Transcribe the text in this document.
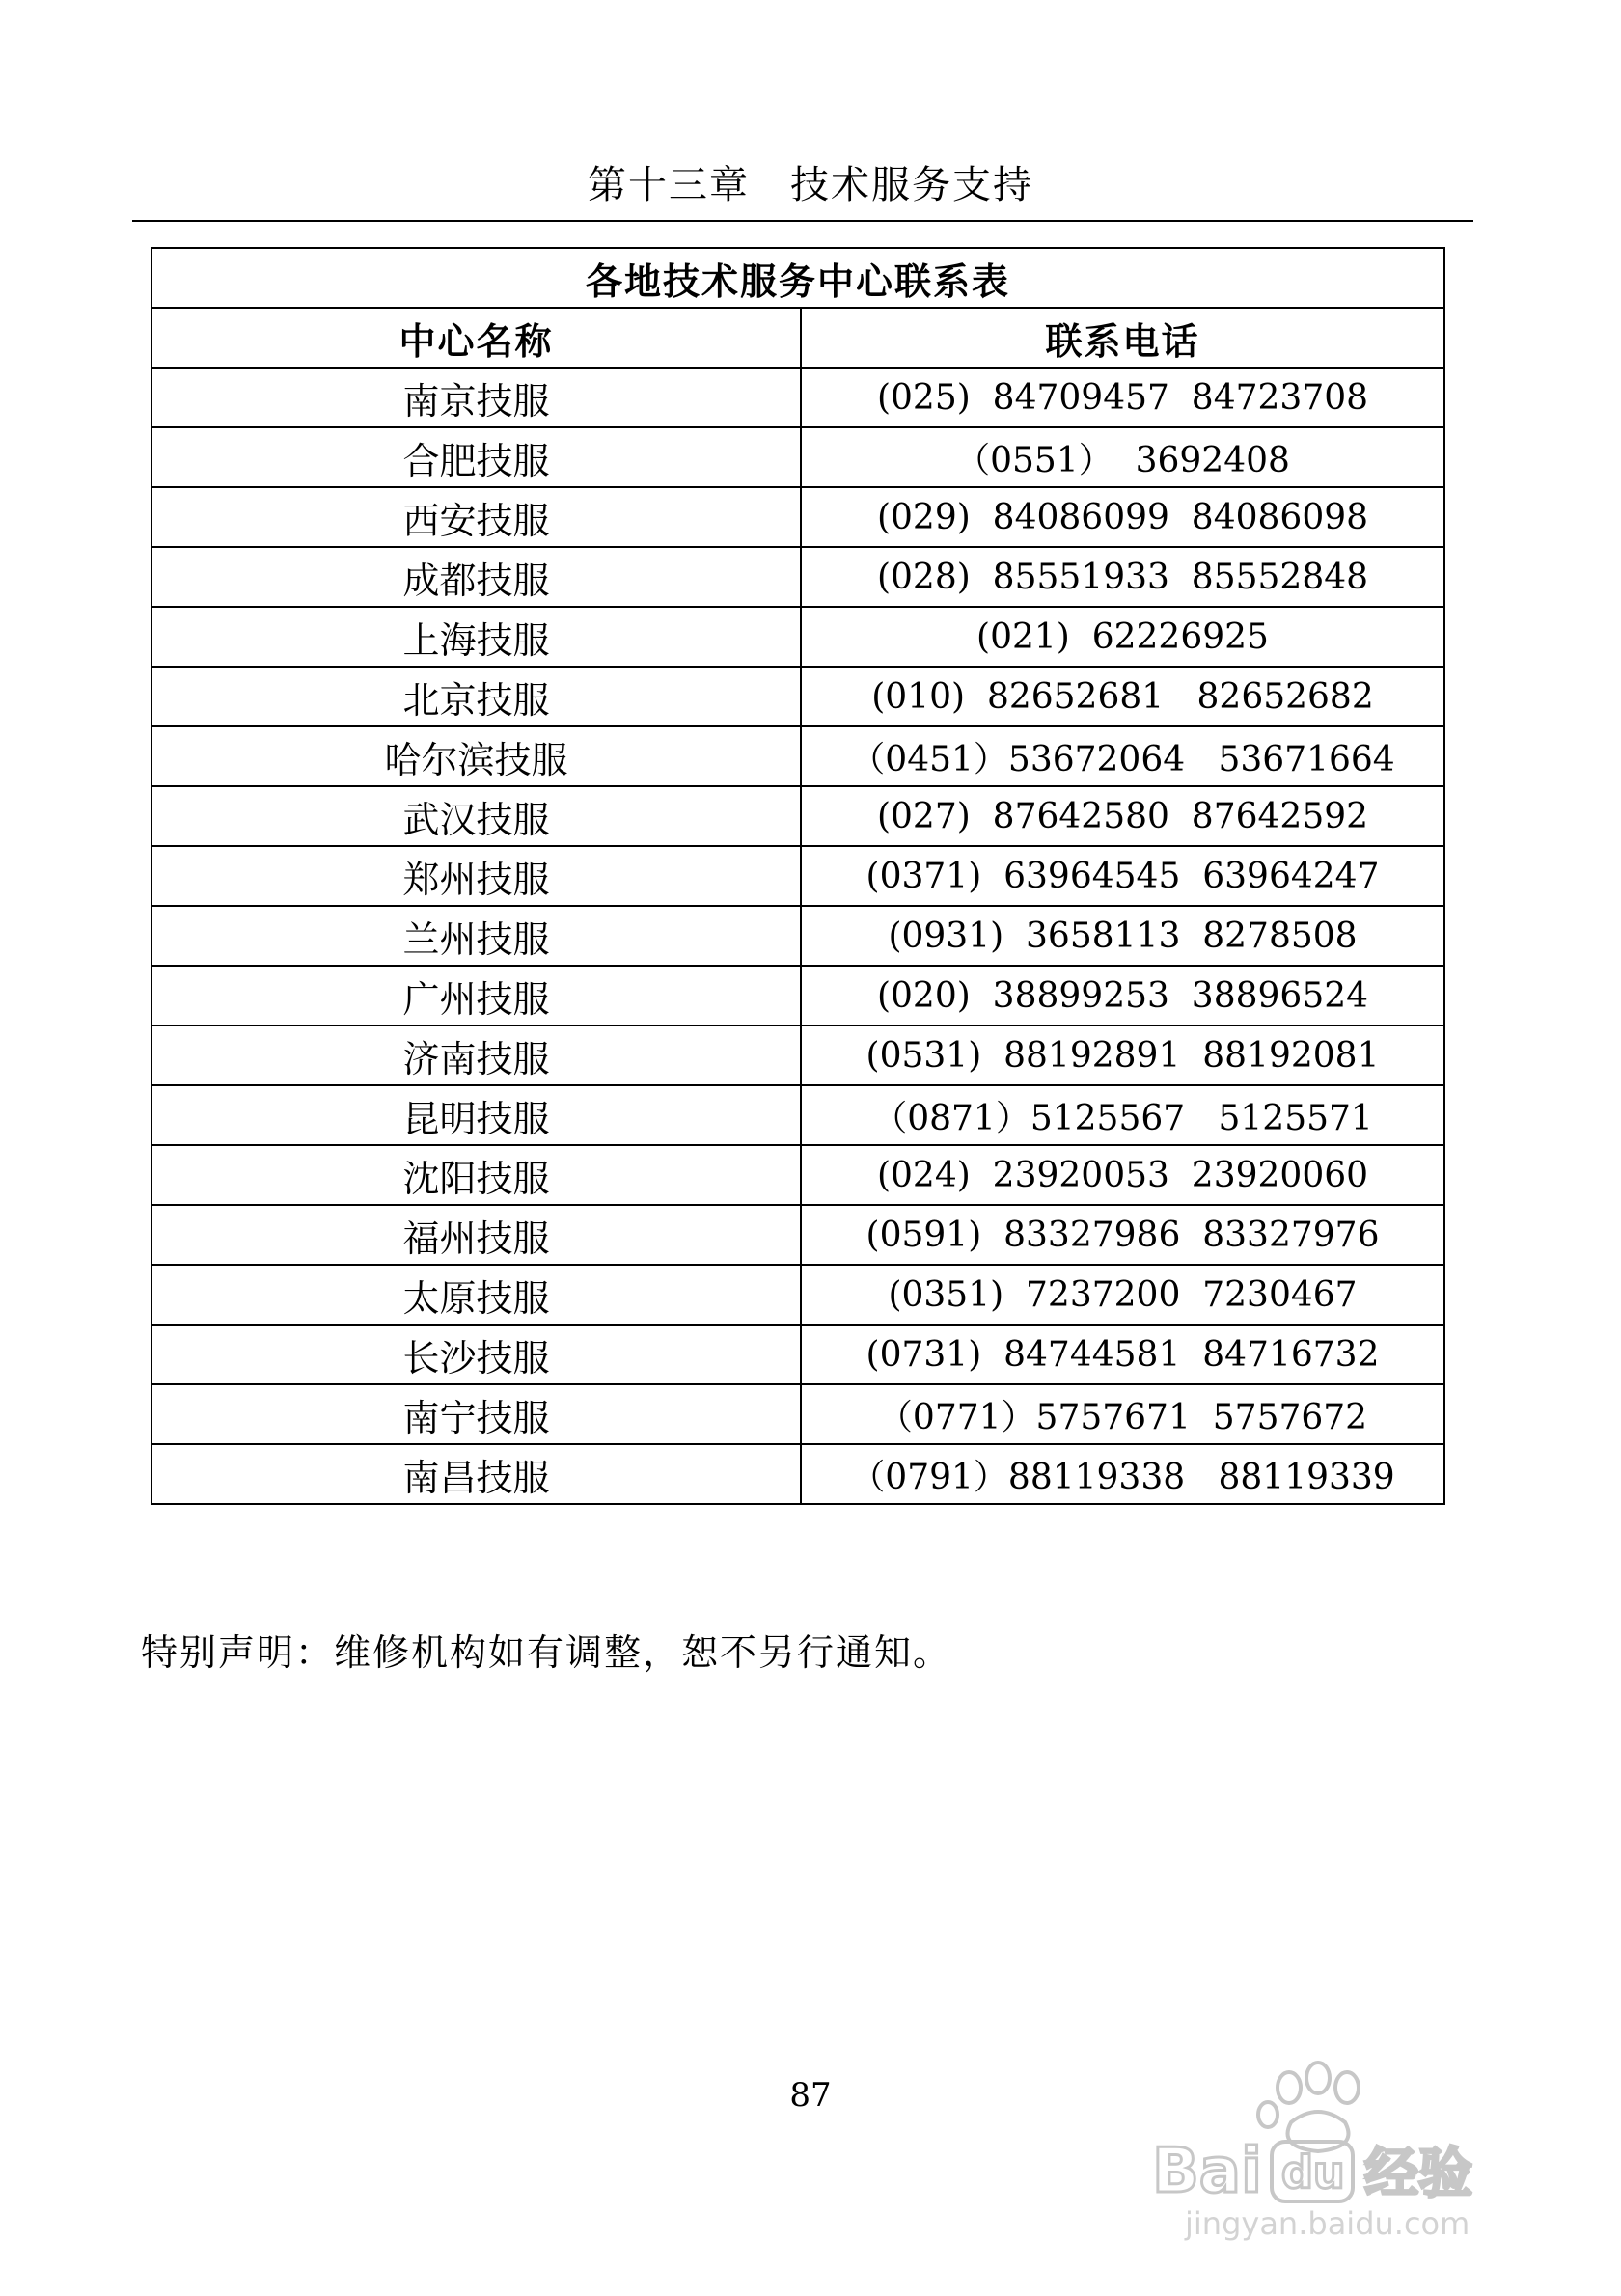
第十三章　技术服务支持
各地技术服务中心联系表	
中心名称	联系电话
南京技服	(025)  84709457  84723708
合肥技服	（0551）  3692408
西安技服	(029)  84086099  84086098
成都技服	(028)  85551933  85552848
上海技服	(021)  62226925
北京技服	(010)  82652681   82652682
哈尔滨技服	（0451）53672064   53671664
武汉技服	(027)  87642580  87642592
郑州技服	(0371)  63964545  63964247
兰州技服	(0931)  3658113  8278508
广州技服	(020)  38899253  38896524
济南技服	(0531)  88192891  88192081
昆明技服	（0871）5125567   5125571
沈阳技服	(024)  23920053  23920060
福州技服	(0591)  83327986  83327976
太原技服	(0351)  7237200  7230467
长沙技服	(0731)  84744581  84716732
南宁技服	（0771）5757671  5757672
南昌技服	（0791）88119338   88119339
特别声明：维修机构如有调整，恕不另行通知。
87
Bai du 经验
jingyan.baidu.com
